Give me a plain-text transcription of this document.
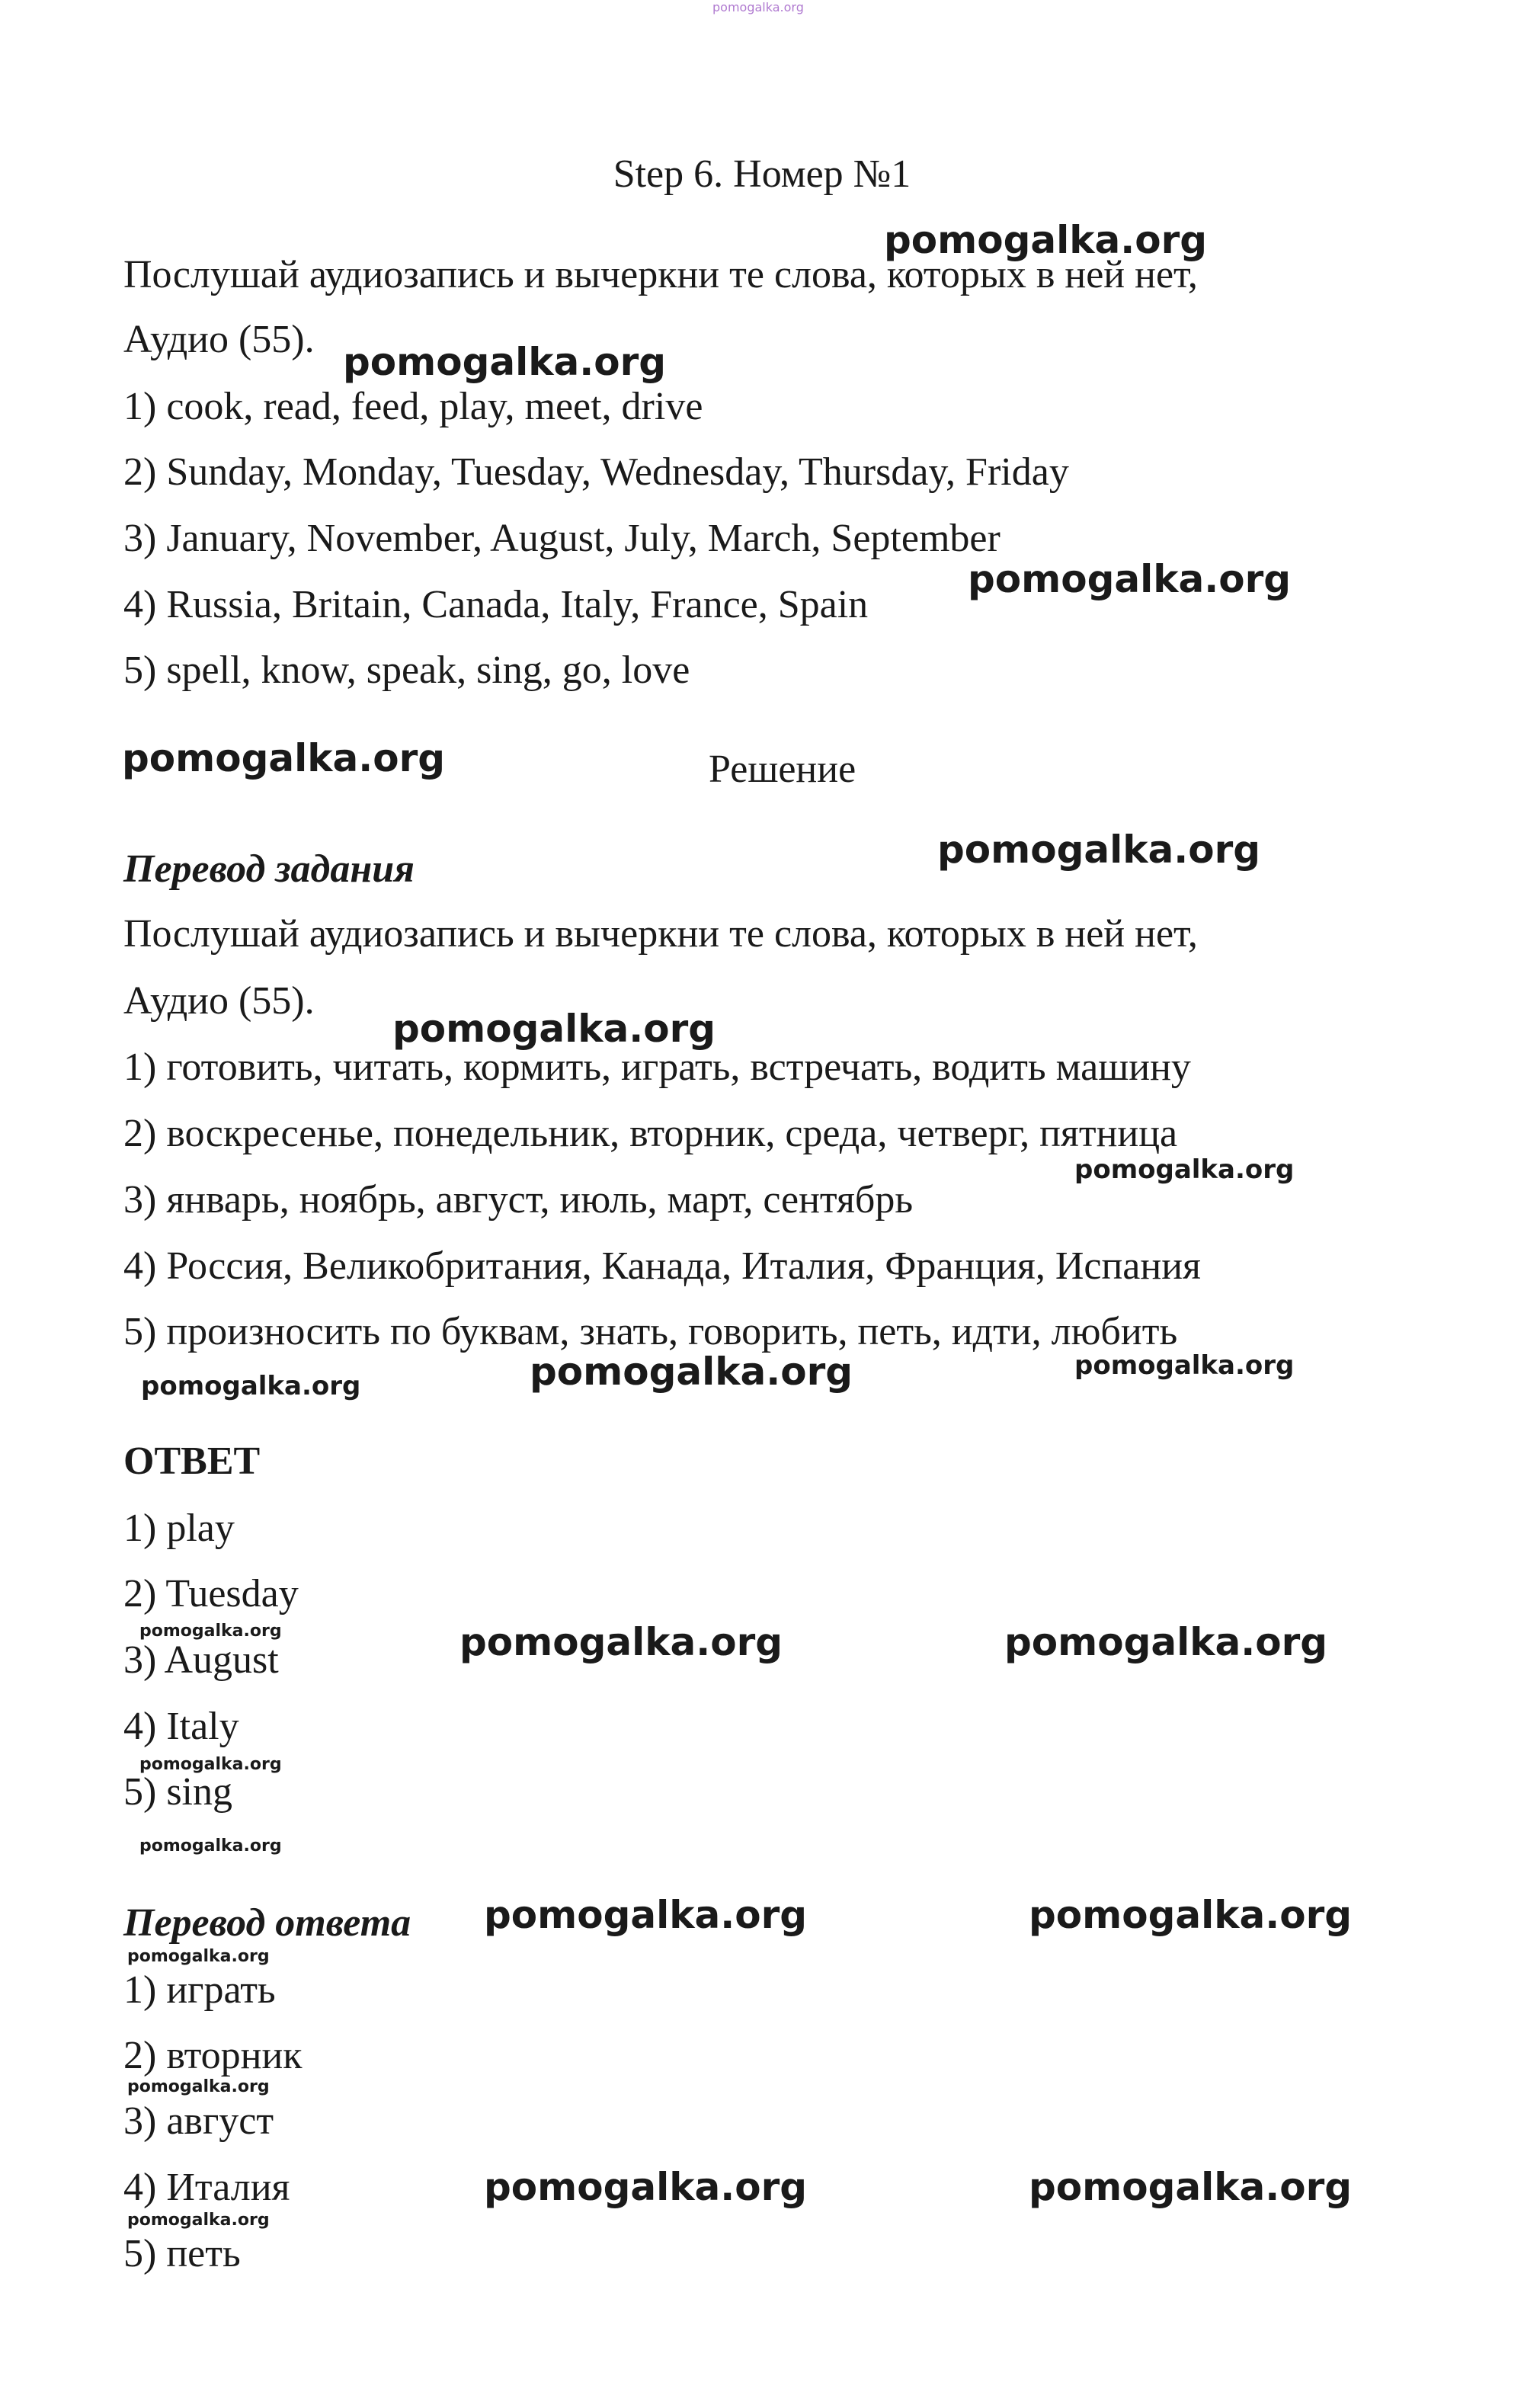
pomogalka.org
Step 6. Номер №1
Послушай аудиозапись и вычеркни те слова, которых в ней нет,
Аудио (55).
1) cook, read, feed, play, meet, drive
2) Sunday, Monday, Tuesday, Wednesday, Thursday, Friday
3) January, November, August, July, March, September
4) Russia, Britain, Canada, Italy, France, Spain
5) spell, know, speak, sing, go, love
Решение
Перевод задания
Послушай аудиозапись и вычеркни те слова, которых в ней нет,
Аудио (55).
1) готовить, читать, кормить, играть, встречать, водить машину
2) воскресенье, понедельник, вторник, среда, четверг, пятница
3) январь, ноябрь, август, июль, март, сентябрь
4) Россия, Великобритания, Канада, Италия, Франция, Испания
5) произносить по буквам, знать, говорить, петь, идти, любить
ОТВЕТ
1) play
2) Tuesday
3) August
4) Italy
5) sing
Перевод ответа
1) играть
2) вторник
3) август
4) Италия
5) петь
pomogalka.org
pomogalka.org
pomogalka.org
pomogalka.org
pomogalka.org
pomogalka.org
pomogalka.org
pomogalka.org	pomogalka.org
pomogalka.org
pomogalka.org	pomogalka.org
pomogalka.org
pomogalka.org
pomogalka.org
pomogalka.org	pomogalka.org
pomogalka.org
pomogalka.org
pomogalka.org	pomogalka.org
pomogalka.org
